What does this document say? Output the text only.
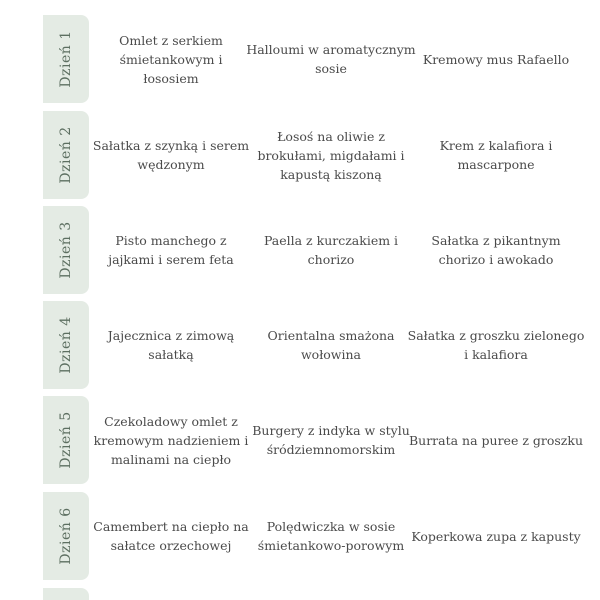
Dzień 1	Omlet z serkiem śmietankowym i łososiem
Halloumi w aromatycznym sosie
Kremowy mus Rafaello
Dzień 2 Sałatka z szynką i serem wędzonym
Łosoś na oliwie z brokułami, migdałami i kapustą kiszoną
Krem z kalafiora i mascarpone
Dzień 3	Pisto manchego z jajkami i serem feta
Paella z kurczakiem i chorizo
Sałatka z pikantnym chorizo i awokado
Dzień 4	Jajecznica z zimową sałatką
Orientalna smażona wołowina
Sałatka z groszku zielonego i kalafiora
Dzień 5	Czekoladowy omlet z kremowym nadzieniem i malinami na ciepło
Burgery z indyka w stylu śródziemnomorskim
Burrata na puree z groszku
Dzień 6 Camembert na ciepło na sałatce orzechowej
Polędwiczka w sosie śmietankowo-porowym
Koperkowa zupa z kapusty
